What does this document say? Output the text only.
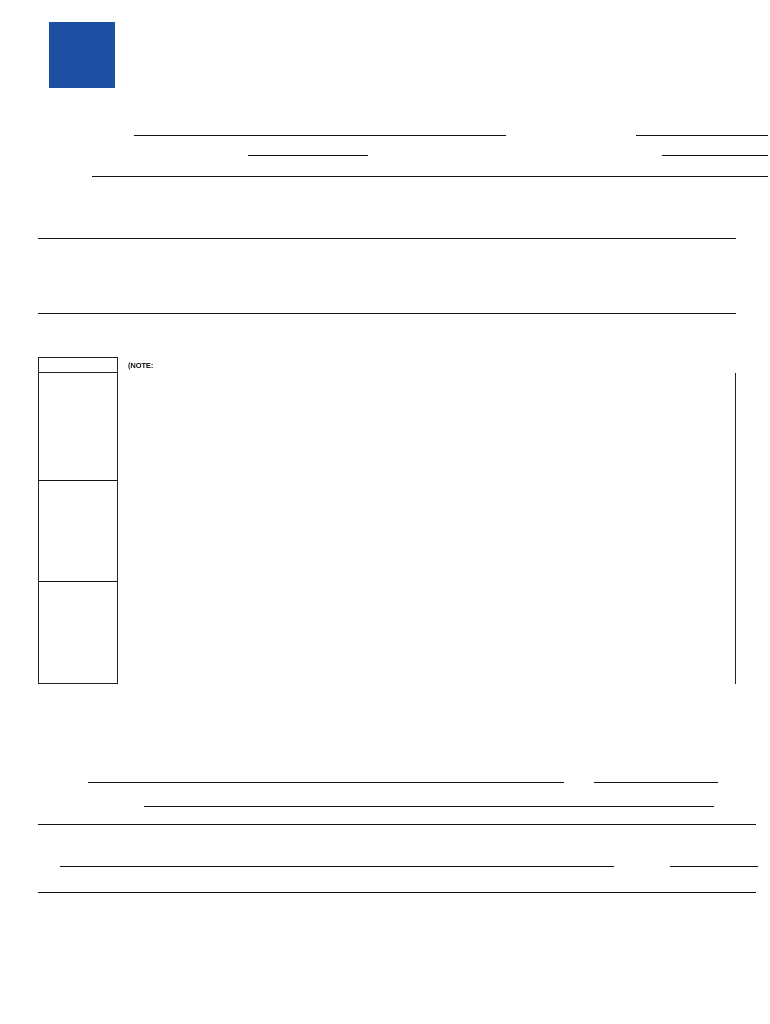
(NOTE:
